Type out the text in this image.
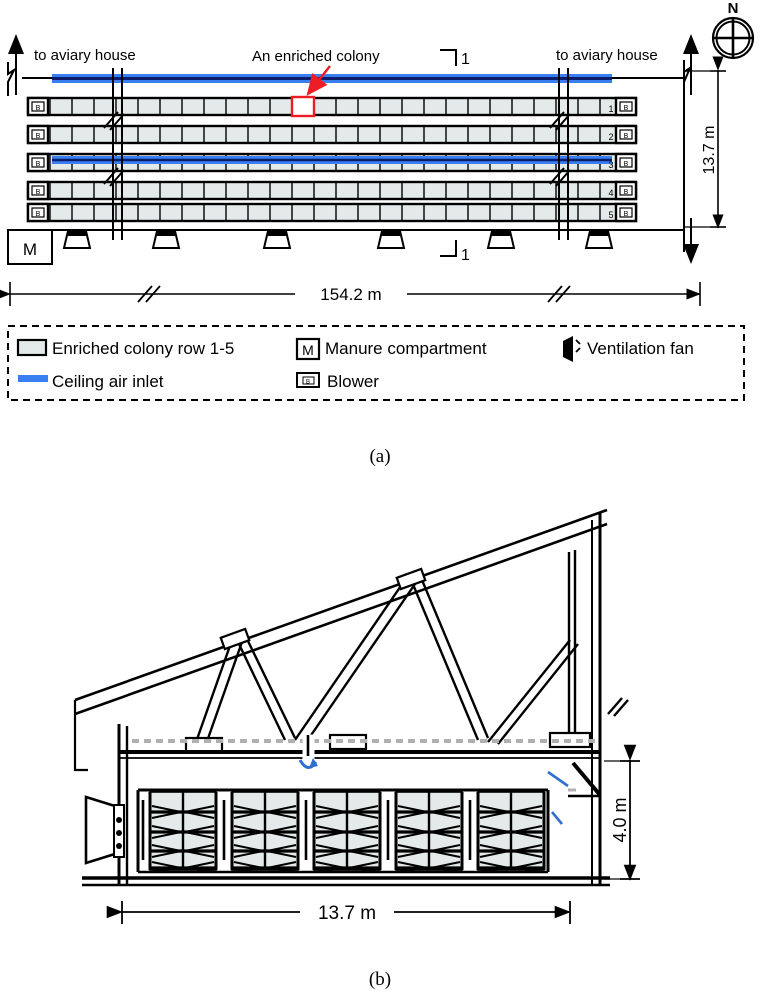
N
to aviary house	to aviary house
B	B
1
B	B
2
B	B
3
B	B
4
B	B
5
M
1
1
An enriched colony
13.7 m
154.2 m
Enriched colony row 1-5	M Manure compartment	Ventilation fan
Ceiling air inlet	B Blower
(a)
4.0 m
13.7 m
(b)
